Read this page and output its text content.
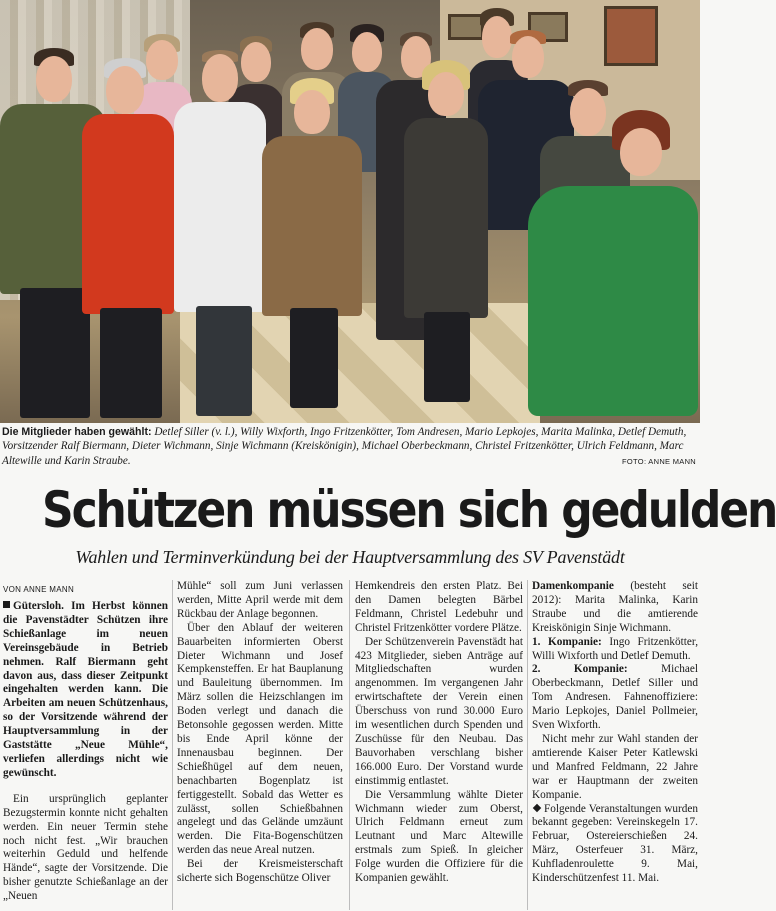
Die Mitglieder haben gewählt: Detlef Siller (v. l.), Willy Wixforth, Ingo Fritzenkötter, Tom Andresen, Mario Lepkojes, Marita Malinka, Detlef Demuth, Vorsitzender Ralf Biermann, Dieter Wichmann, Sinje Wichmann (Kreiskönigin), Michael Oberbeckmann, Christel Fritzenkötter, Ulrich Feldmann, Marc Altewille und Karin Straube.	FOTO: ANNE MANN
Schützen müssen sich gedulden
Wahlen und Terminverkündung bei der Hauptversammlung des SV Pavenstädt
VON ANNE MANN

Gütersloh. Im Herbst können die Pavenstädter Schützen ihre Schießanlage im neuen Vereinsgebäude in Betrieb nehmen. Ralf Biermann geht davon aus, dass dieser Zeitpunkt eingehalten werden kann. Die Arbeiten am neuen Schützenhaus, so der Vorsitzende während der Hauptversammlung in der Gaststätte „Neue Mühle“, verliefen allerdings nicht wie gewünscht.

Ein ursprünglich geplanter Bezugstermin konnte nicht gehalten werden. Ein neuer Termin stehe noch nicht fest. „Wir brauchen weiterhin Geduld und helfende Hände“, sagte der Vorsitzende. Die bisher genutzte Schießanlage an der „Neuen

Mühle“ soll zum Juni verlassen werden, Mitte April werde mit dem Rückbau der Anlage begonnen.

Über den Ablauf der weiteren Bauarbeiten informierten Oberst Dieter Wichmann und Josef Kempkensteffen. Er hat Bauplanung und Bauleitung übernommen. Im März sollen die Heizschlangen im Boden verlegt und danach die Betonsohle gegossen werden. Mitte bis Ende April könne der Innenausbau beginnen. Der Schießhügel auf dem neuen, benachbarten Bogenplatz ist fertiggestellt. Sobald das Wetter es zulässt, sollen Schießbahnen angelegt und das Gelände umzäunt werden. Die Fita-Bogenschützen werden das neue Areal nutzen.

Bei der Kreismeisterschaft sicherte sich Bogenschütze Oliver

Hemkendreis den ersten Platz. Bei den Damen belegten Bärbel Feldmann, Christel Ledebuhr und Christel Fritzenkötter vordere Plätze.

Der Schützenverein Pavenstädt hat 423 Mitglieder, sieben Anträge auf Mitgliedschaften wurden angenommen. Im vergangenen Jahr erwirtschaftete der Verein einen Überschuss von rund 30.000 Euro im wesentlichen durch Spenden und Zuschüsse für den Neubau. Das Bauvorhaben verschlang bisher 166.000 Euro. Der Vorstand wurde einstimmig entlastet.

Die Versammlung wählte Dieter Wichmann wieder zum Oberst, Ulrich Feldmann erneut zum Leutnant und Marc Altewille erstmals zum Spieß. In gleicher Folge wurden die Offiziere für die Kompanien gewählt.

Damenkompanie (besteht seit 2012): Marita Malinka, Karin Straube und die amtierende Kreiskönigin Sinje Wichmann.

1. Kompanie: Ingo Fritzenkötter, Willi Wixforth und Detlef Demuth.

2. Kompanie:	Michael Oberbeckmann, Detlef Siller und Tom Andresen. Fahnenoffiziere: Mario Lepkojes, Daniel Pollmeier, Sven Wixforth.

Nicht mehr zur Wahl standen der amtierende Kaiser Peter Katlewski und Manfred Feldmann, 22 Jahre war er Hauptmann der zweiten Kompanie.

Folgende Veranstaltungen wurden bekannt gegeben: Vereinskegeln 17. Februar, Ostereierschießen 24. März, Osterfeuer 31. März, Kuhfladenroulette 9. Mai, Kinderschützenfest 11. Mai.
